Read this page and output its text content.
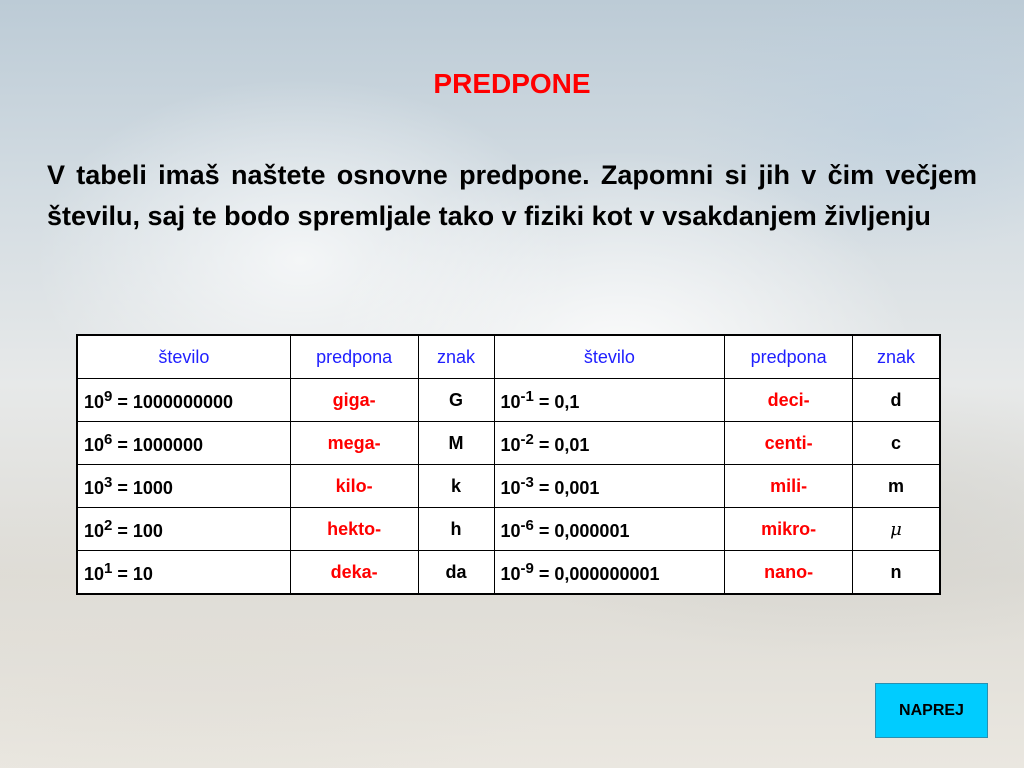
PREDPONE

V tabeli imaš naštete osnovne predpone. Zapomni si jih v čim večjem številu, saj te bodo spremljale tako v fiziki kot v vsakdanjem življenju

število	predpona	znak	število	predpona	znak
$10^9 = 1000000000$	giga-	G	$10^{-1} = 0,1$	deci-	d
$10^6 = 1000000$	mega-	M	$10^{-2} = 0,01$	centi-	c
$10^3 = 1000$	kilo-	k	$10^{-3} = 0,001$	mili-	m
$10^2 = 100$	hekto-	h	$10^{-6} = 0,000001$	mikro-	μ
$10^1 = 10$	deka-	da	$10^{-9} = 0,000000001$	nano-	n
NAPREJ
